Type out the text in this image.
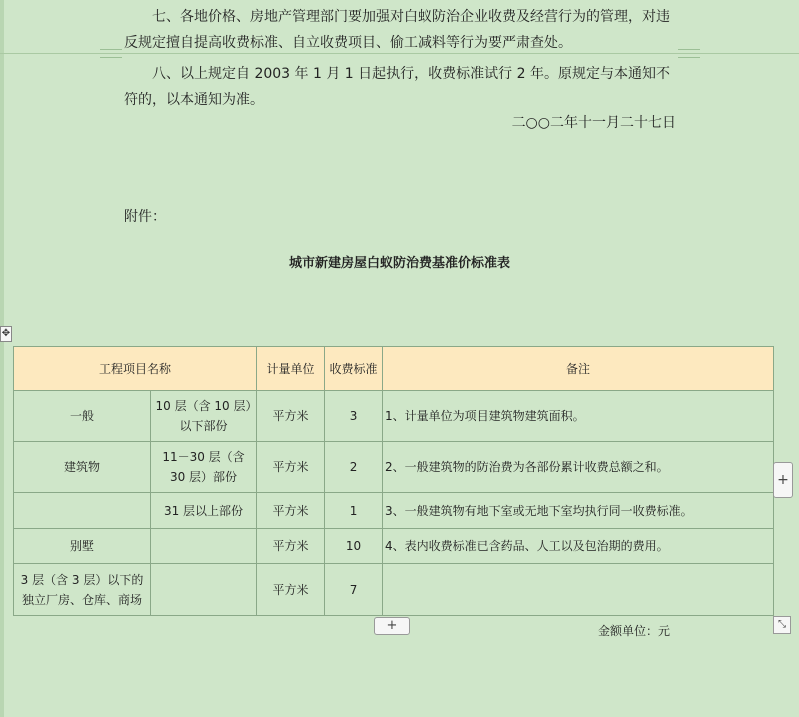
七、各地价格、房地产管理部门要加强对白蚁防治企业收费及经营行为的管理，对违反规定擅自提高收费标准、自立收费项目、偷工减料等行为要严肃查处。
八、以上规定自 2003 年 1 月 1 日起执行，收费标准试行 2 年。原规定与本通知不符的，以本通知为准。
二○○二年十一月二十七日
附件：
城市新建房屋白蚁防治费基准价标准表
✥
工程项目名称		计量单位	收费标准	备注
一般	10 层（含 10 层）以下部份	平方米	3	1、计量单位为项目建筑物建筑面积。
建筑物	11－30 层（含 30 层）部份	平方米	2	2、一般建筑物的防治费为各部份累计收费总额之和。
	31 层以上部份	平方米	1	3、一般建筑物有地下室或无地下室均执行同一收费标准。
别墅		平方米	10	4、表内收费标准已含药品、人工以及包治期的费用。
3 层（含 3 层）以下的独立厂房、仓库、商场		平方米	7	
+
+	⤡
金额单位：元
